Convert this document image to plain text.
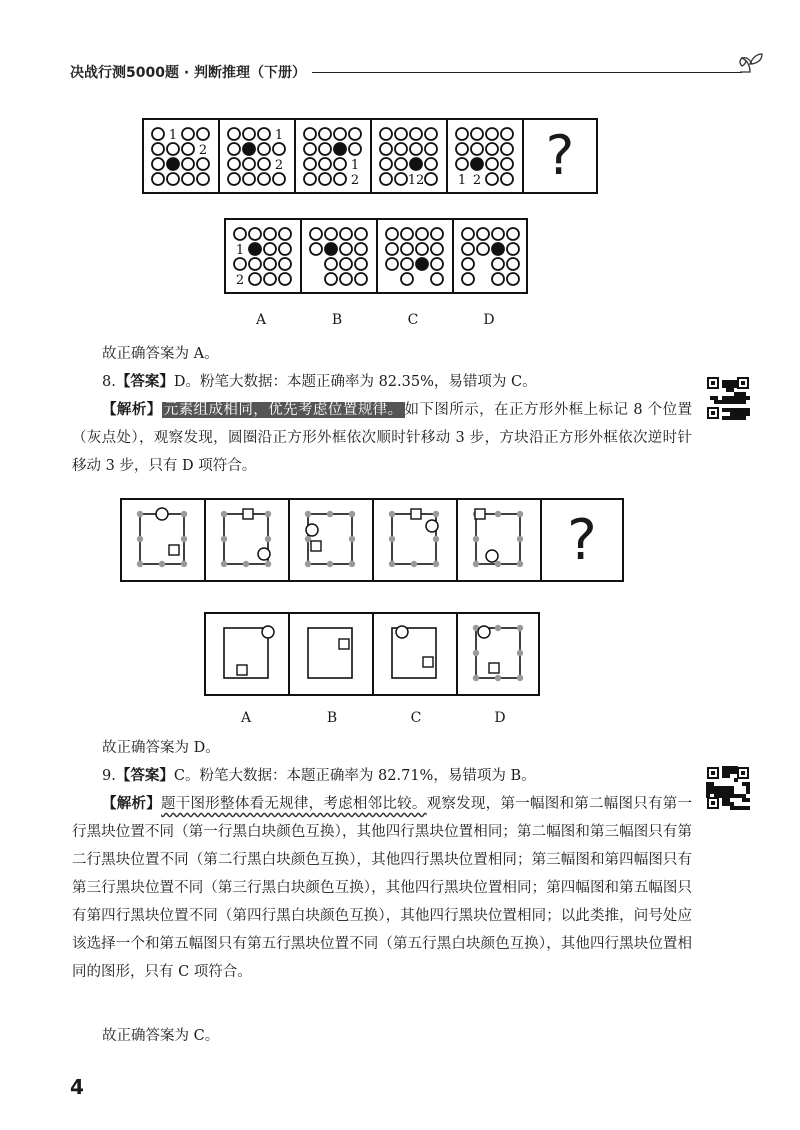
决战行测5000题 · 判断推理（下册）
1
2
1
2	1
2	12	1 2	?
1
2
A	B	C	D

故正确答案为 A。

8.【答案】D。粉笔大数据：本题正确率为 82.35%，易错项为 C。

【解析】 元素组成相同，优先考虑位置规律。 如下图所示，在正方形外框上标记 8 个位置（灰点处），观察发现，圆圈沿正方形外框依次顺时针移动 3 步，方块沿正方形外框依次逆时针移动 3 步，只有 D 项符合。

?
A	B	C	D

故正确答案为 D。

9.【答案】C。粉笔大数据：本题正确率为 82.71%，易错项为 B。

【解析】题干图形整体看无规律，考虑相邻比较。观察发现，第一幅图和第二幅图只有第一行黑块位置不同（第一行黑白块颜色互换），其他四行黑块位置相同；第二幅图和第三幅图只有第二行黑块位置不同（第二行黑白块颜色互换），其他四行黑块位置相同；第三幅图和第四幅图只有第三行黑块位置不同（第三行黑白块颜色互换），其他四行黑块位置相同；第四幅图和第五幅图只有第四行黑块位置不同（第四行黑白块颜色互换），其他四行黑块位置相同；以此类推，问号处应该选择一个和第五幅图只有第五行黑块位置不同（第五行黑白块颜色互换），其他四行黑块位置相同的图形，只有 C 项符合。

故正确答案为 C。

4
